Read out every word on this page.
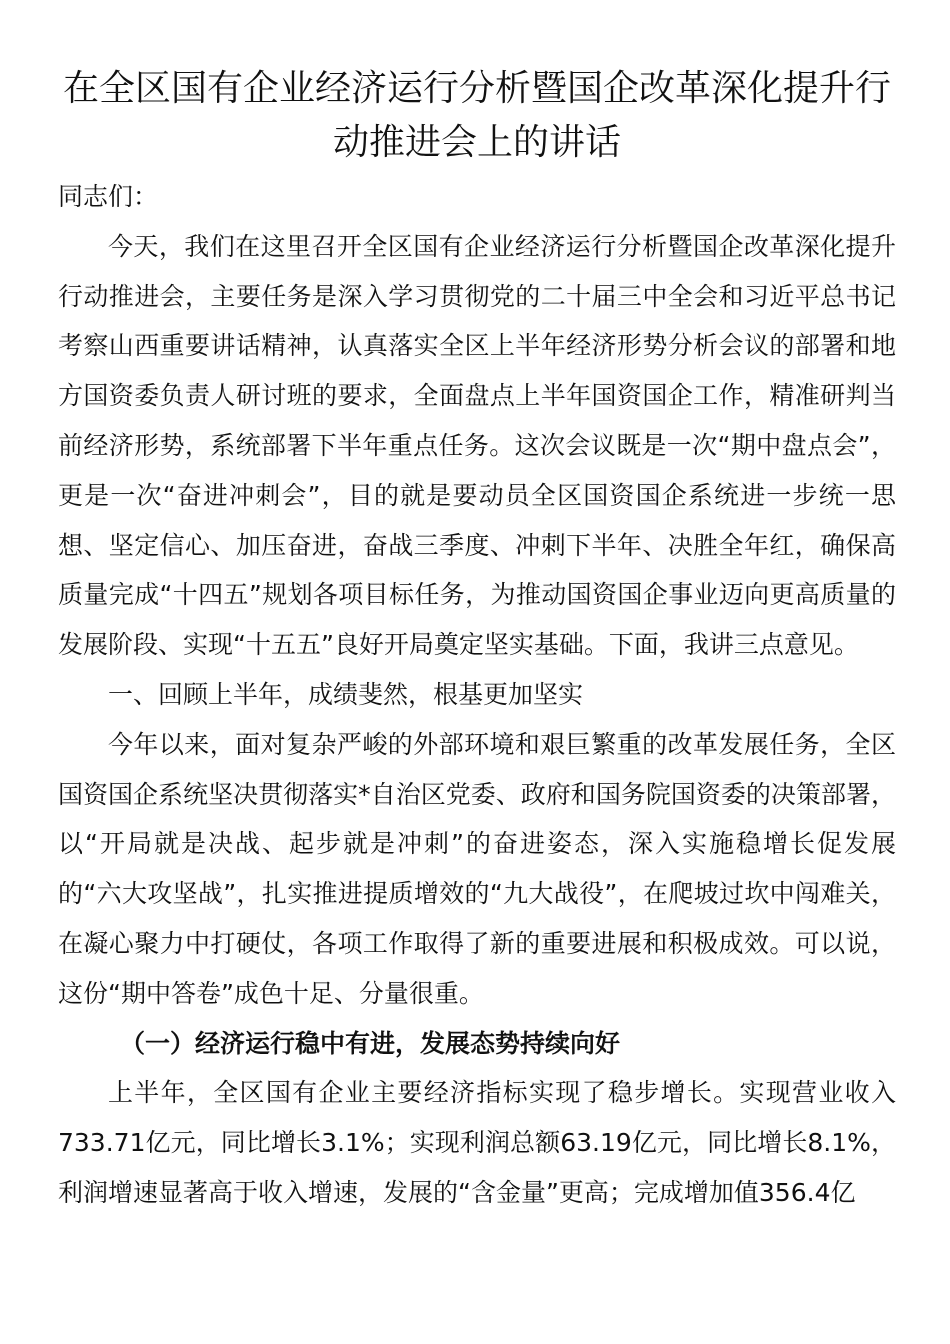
在全区国有企业经济运行分析暨国企改革深化提升行动推进会上的讲话

同志们：

今天，我们在这里召开全区国有企业经济运行分析暨国企改革深化提升行动推进会，主要任务是深入学习贯彻党的二十届三中全会和习近平总书记考察山西重要讲话精神，认真落实全区上半年经济形势分析会议的部署和地方国资委负责人研讨班的要求，全面盘点上半年国资国企工作，精准研判当前经济形势，系统部署下半年重点任务。这次会议既是一次“期中盘点会”，更是一次“奋进冲刺会”，目的就是要动员全区国资国企系统进一步统一思想、坚定信心、加压奋进，奋战三季度、冲刺下半年、决胜全年红，确保高质量完成“十四五”规划各项目标任务，为推动国资国企事业迈向更高质量的发展阶段、实现“十五五”良好开局奠定坚实基础。下面，我讲三点意见。

一、回顾上半年，成绩斐然，根基更加坚实

今年以来，面对复杂严峻的外部环境和艰巨繁重的改革发展任务，全区国资国企系统坚决贯彻落实*自治区党委、政府和国务院国资委的决策部署，以“开局就是决战、起步就是冲刺”的奋进姿态，深入实施稳增长促发展的“六大攻坚战”，扎实推进提质增效的“九大战役”，在爬坡过坎中闯难关，在凝心聚力中打硬仗，各项工作取得了新的重要进展和积极成效。可以说，这份“期中答卷”成色十足、分量很重。

（一）经济运行稳中有进，发展态势持续向好

上半年，全区国有企业主要经济指标实现了稳步增长。实现营业收入733.71亿元，同比增长3.1%；实现利润总额63.19亿元，同比增长8.1%，利润增速显著高于收入增速，发展的“含金量”更高；完成增加值356.4亿
